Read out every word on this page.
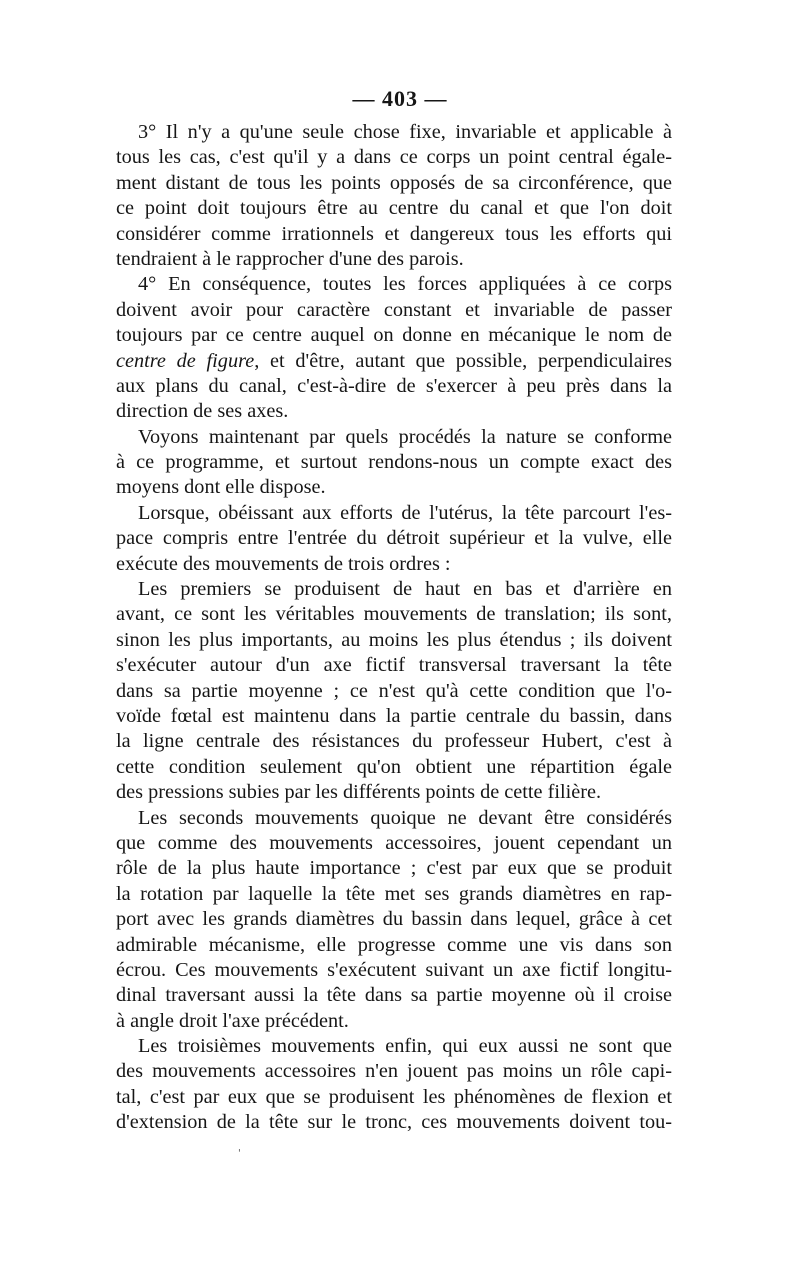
— 403 —
3° Il n'y a qu'une seule chose fixe, invariable et applicable à
tous les cas, c'est qu'il y a dans ce corps un point central égale-
ment distant de tous les points opposés de sa circonférence, que
ce point doit toujours être au centre du canal et que l'on doit
considérer comme irrationnels et dangereux tous les efforts qui
tendraient à le rapprocher d'une des parois.
4° En conséquence, toutes les forces appliquées à ce corps
doivent avoir pour caractère constant et invariable de passer
toujours par ce centre auquel on donne en mécanique le nom de
centre de figure, et d'être, autant que possible, perpendiculaires
aux plans du canal, c'est-à-dire de s'exercer à peu près dans la
direction de ses axes.
Voyons maintenant par quels procédés la nature se conforme
à ce programme, et surtout rendons-nous un compte exact des
moyens dont elle dispose.
Lorsque, obéissant aux efforts de l'utérus, la tête parcourt l'es-
pace compris entre l'entrée du détroit supérieur et la vulve, elle
exécute des mouvements de trois ordres :
Les premiers se produisent de haut en bas et d'arrière en
avant, ce sont les véritables mouvements de translation; ils sont,
sinon les plus importants, au moins les plus étendus ; ils doivent
s'exécuter autour d'un axe fictif transversal traversant la tête
dans sa partie moyenne ; ce n'est qu'à cette condition que l'o-
voïde fœtal est maintenu dans la partie centrale du bassin, dans
la ligne centrale des résistances du professeur Hubert, c'est à
cette condition seulement qu'on obtient une répartition égale
des pressions subies par les différents points de cette filière.
Les seconds mouvements quoique ne devant être considérés
que comme des mouvements accessoires, jouent cependant un
rôle de la plus haute importance ; c'est par eux que se produit
la rotation par laquelle la tête met ses grands diamètres en rap-
port avec les grands diamètres du bassin dans lequel, grâce à cet
admirable mécanisme, elle progresse comme une vis dans son
écrou. Ces mouvements s'exécutent suivant un axe fictif longitu-
dinal traversant aussi la tête dans sa partie moyenne où il croise
à angle droit l'axe précédent.
Les troisièmes mouvements enfin, qui eux aussi ne sont que
des mouvements accessoires n'en jouent pas moins un rôle capi-
tal, c'est par eux que se produisent les phénomènes de flexion et
d'extension de la tête sur le tronc, ces mouvements doivent tou-
'
